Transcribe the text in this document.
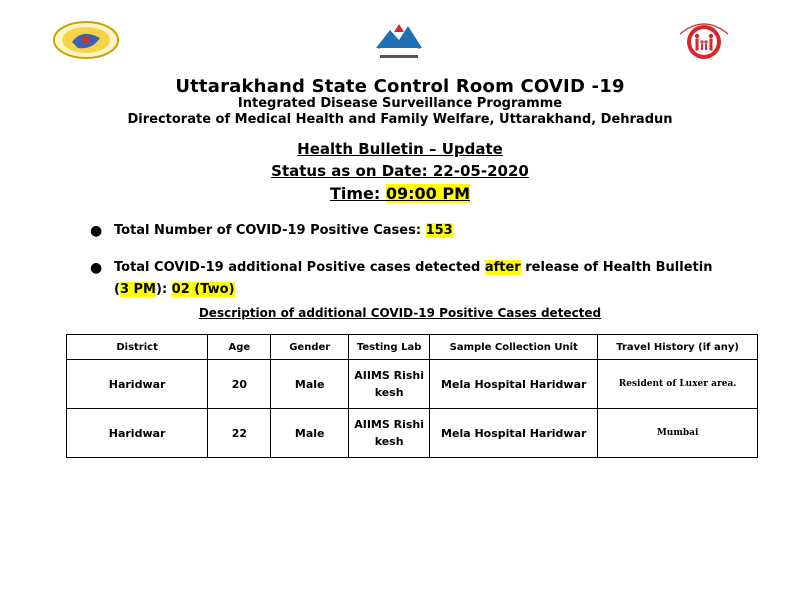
Uttarakhand State Control Room COVID -19
Integrated Disease Surveillance Programme
Directorate of Medical Health and Family Welfare, Uttarakhand, Dehradun
Health Bulletin – Update
Status as on Date: 22-05-2020
Time: 09:00 PM
● Total Number of COVID-19 Positive Cases: 153
● Total COVID-19 additional Positive cases detected after release of Health Bulletin (3 PM): 02 (Two)
Description of additional COVID-19 Positive Cases detected
District	Age	Gender	Testing Lab	Sample Collection Unit	Travel History (if any)
Haridwar	20	Male	AIIMS Rishikesh	Mela Hospital Haridwar	Resident of Luxer area.
Haridwar	22	Male	AIIMS Rishikesh	Mela Hospital Haridwar	Mumbai
